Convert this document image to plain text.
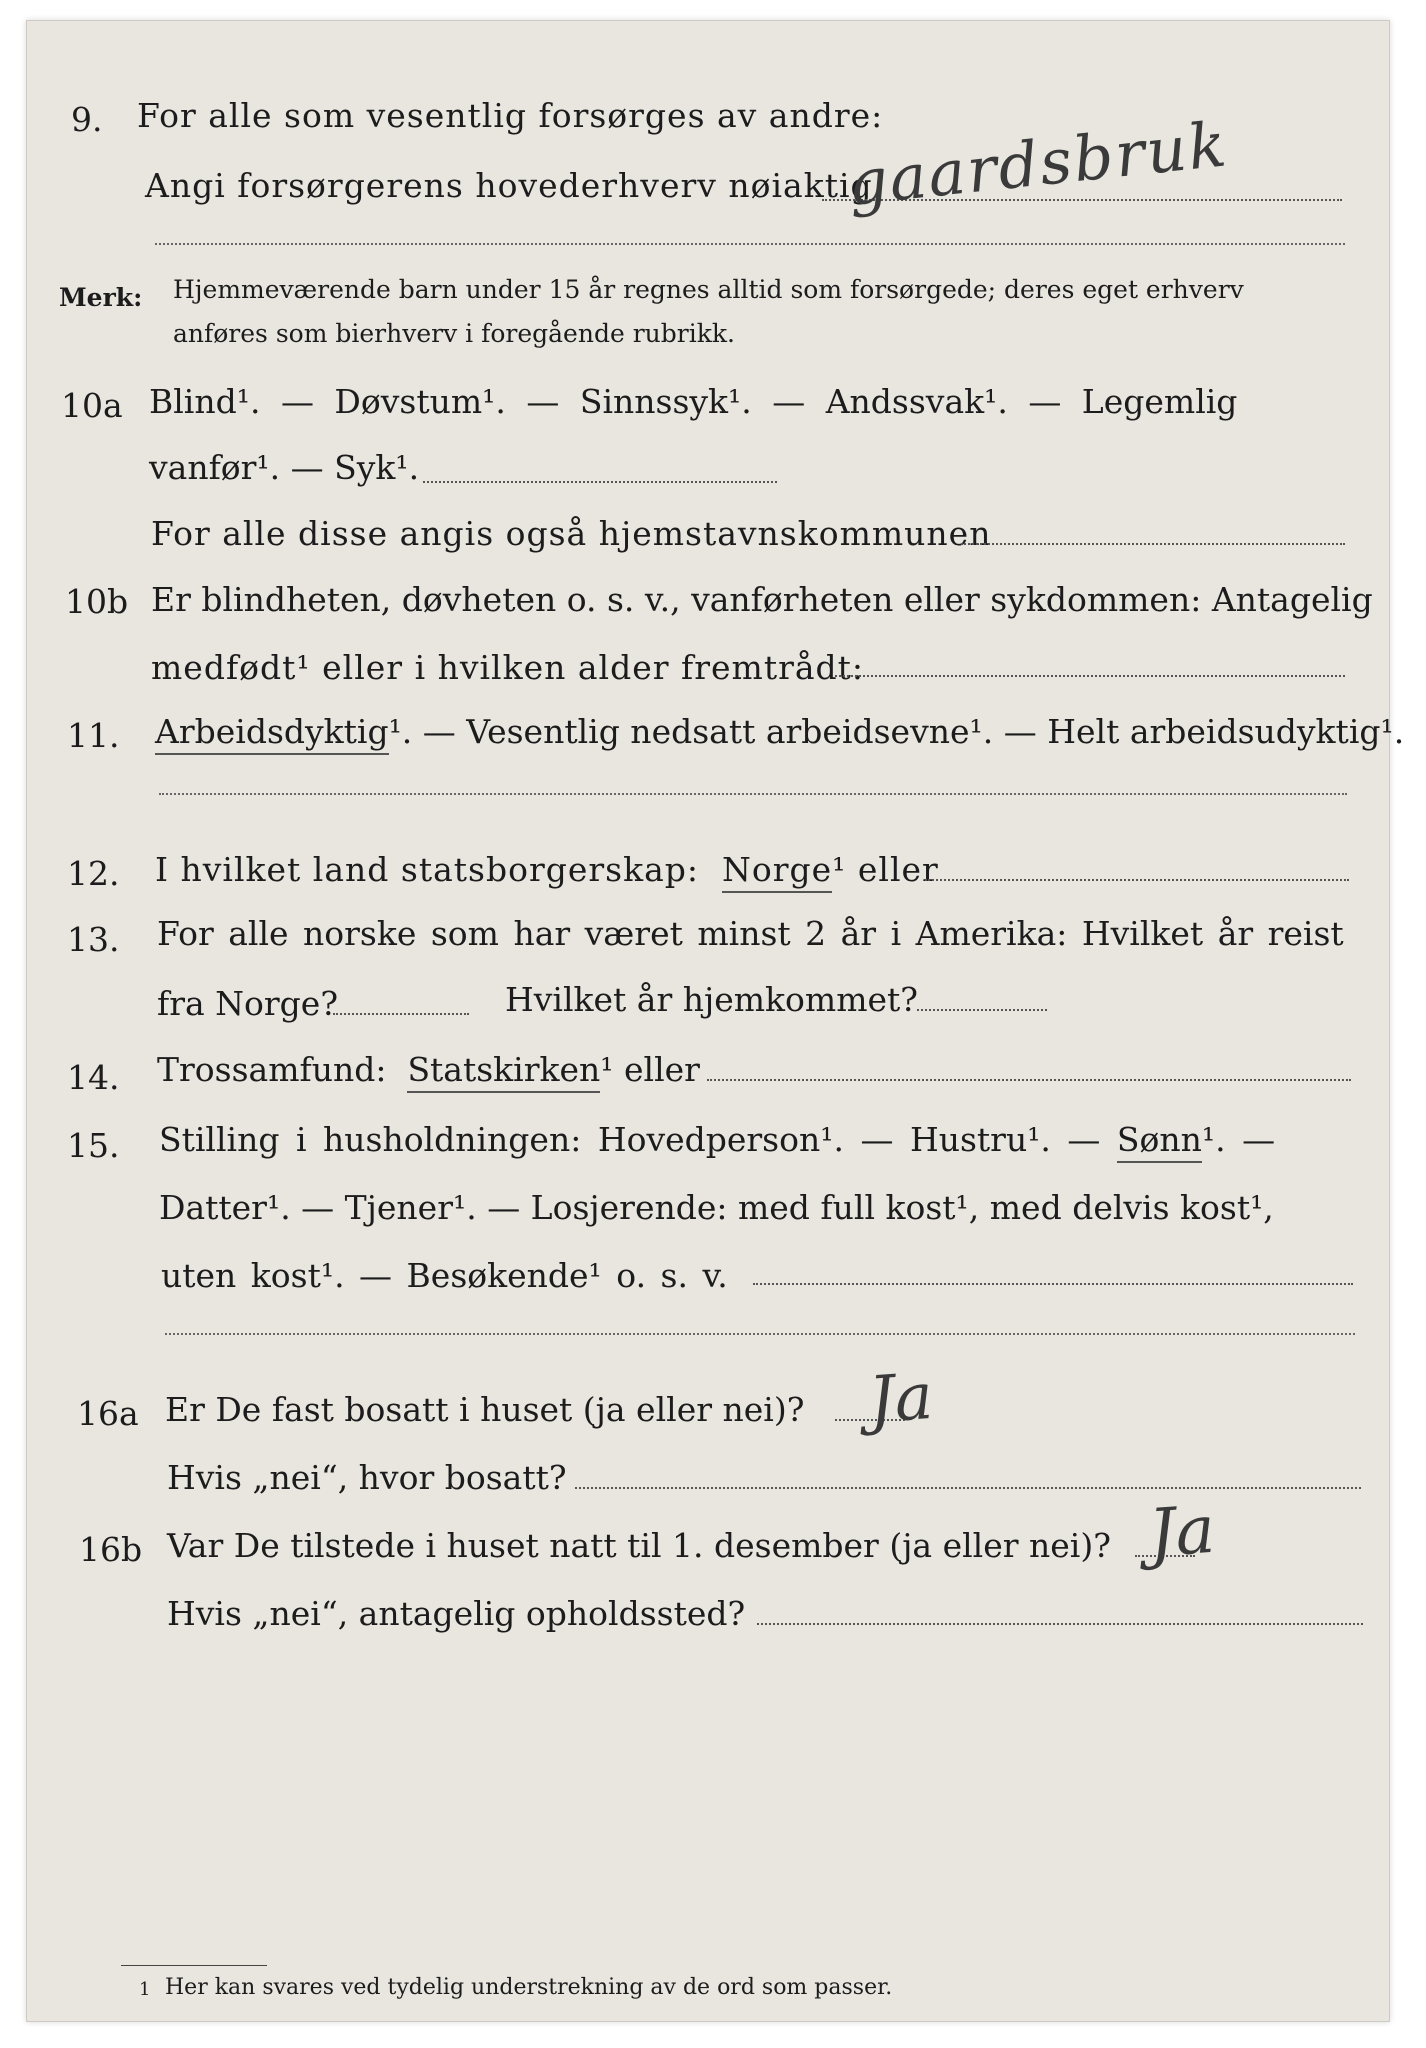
9. For alle som vesentlig forsørges av andre:
Angi forsørgerens hovederhverv nøiaktig
gaardsbruk
Merk: Hjemmeværende barn under 15 år regnes alltid som forsørgede; deres eget erhverv
anføres som bierhverv i foregående rubrikk.
10a Blind¹. — Døvstum¹. — Sinnssyk¹. — Andssvak¹. — Legemlig
vanfør¹. — Syk¹.
For alle disse angis også hjemstavnskommunen
10b Er blindheten, døvheten o. s. v., vanførheten eller sykdommen: Antagelig
medfødt¹ eller i hvilken alder fremtrådt:
11. Arbeidsdyktig¹. — Vesentlig nedsatt arbeidsevne¹. — Helt arbeidsudyktig¹.
12. I hvilket land statsborgerskap: Norge¹ eller
13. For alle norske som har været minst 2 år i Amerika: Hvilket år reist
fra Norge?	Hvilket år hjemkommet?
14. Trossamfund: Statskirken¹ eller
15. Stilling i husholdningen: Hovedperson¹. — Hustru¹. — Sønn¹. —
Datter¹. — Tjener¹. — Losjerende: med full kost¹, med delvis kost¹,
uten kost¹. — Besøkende¹ o. s. v.
16a Er De fast bosatt i huset (ja eller nei)? Ja
Hvis „nei“, hvor bosatt?
16b Var De tilstede i huset natt til 1. desember (ja eller nei)? Ja
Hvis „nei“, antagelig opholdssted?
1 Her kan svares ved tydelig understrekning av de ord som passer.
